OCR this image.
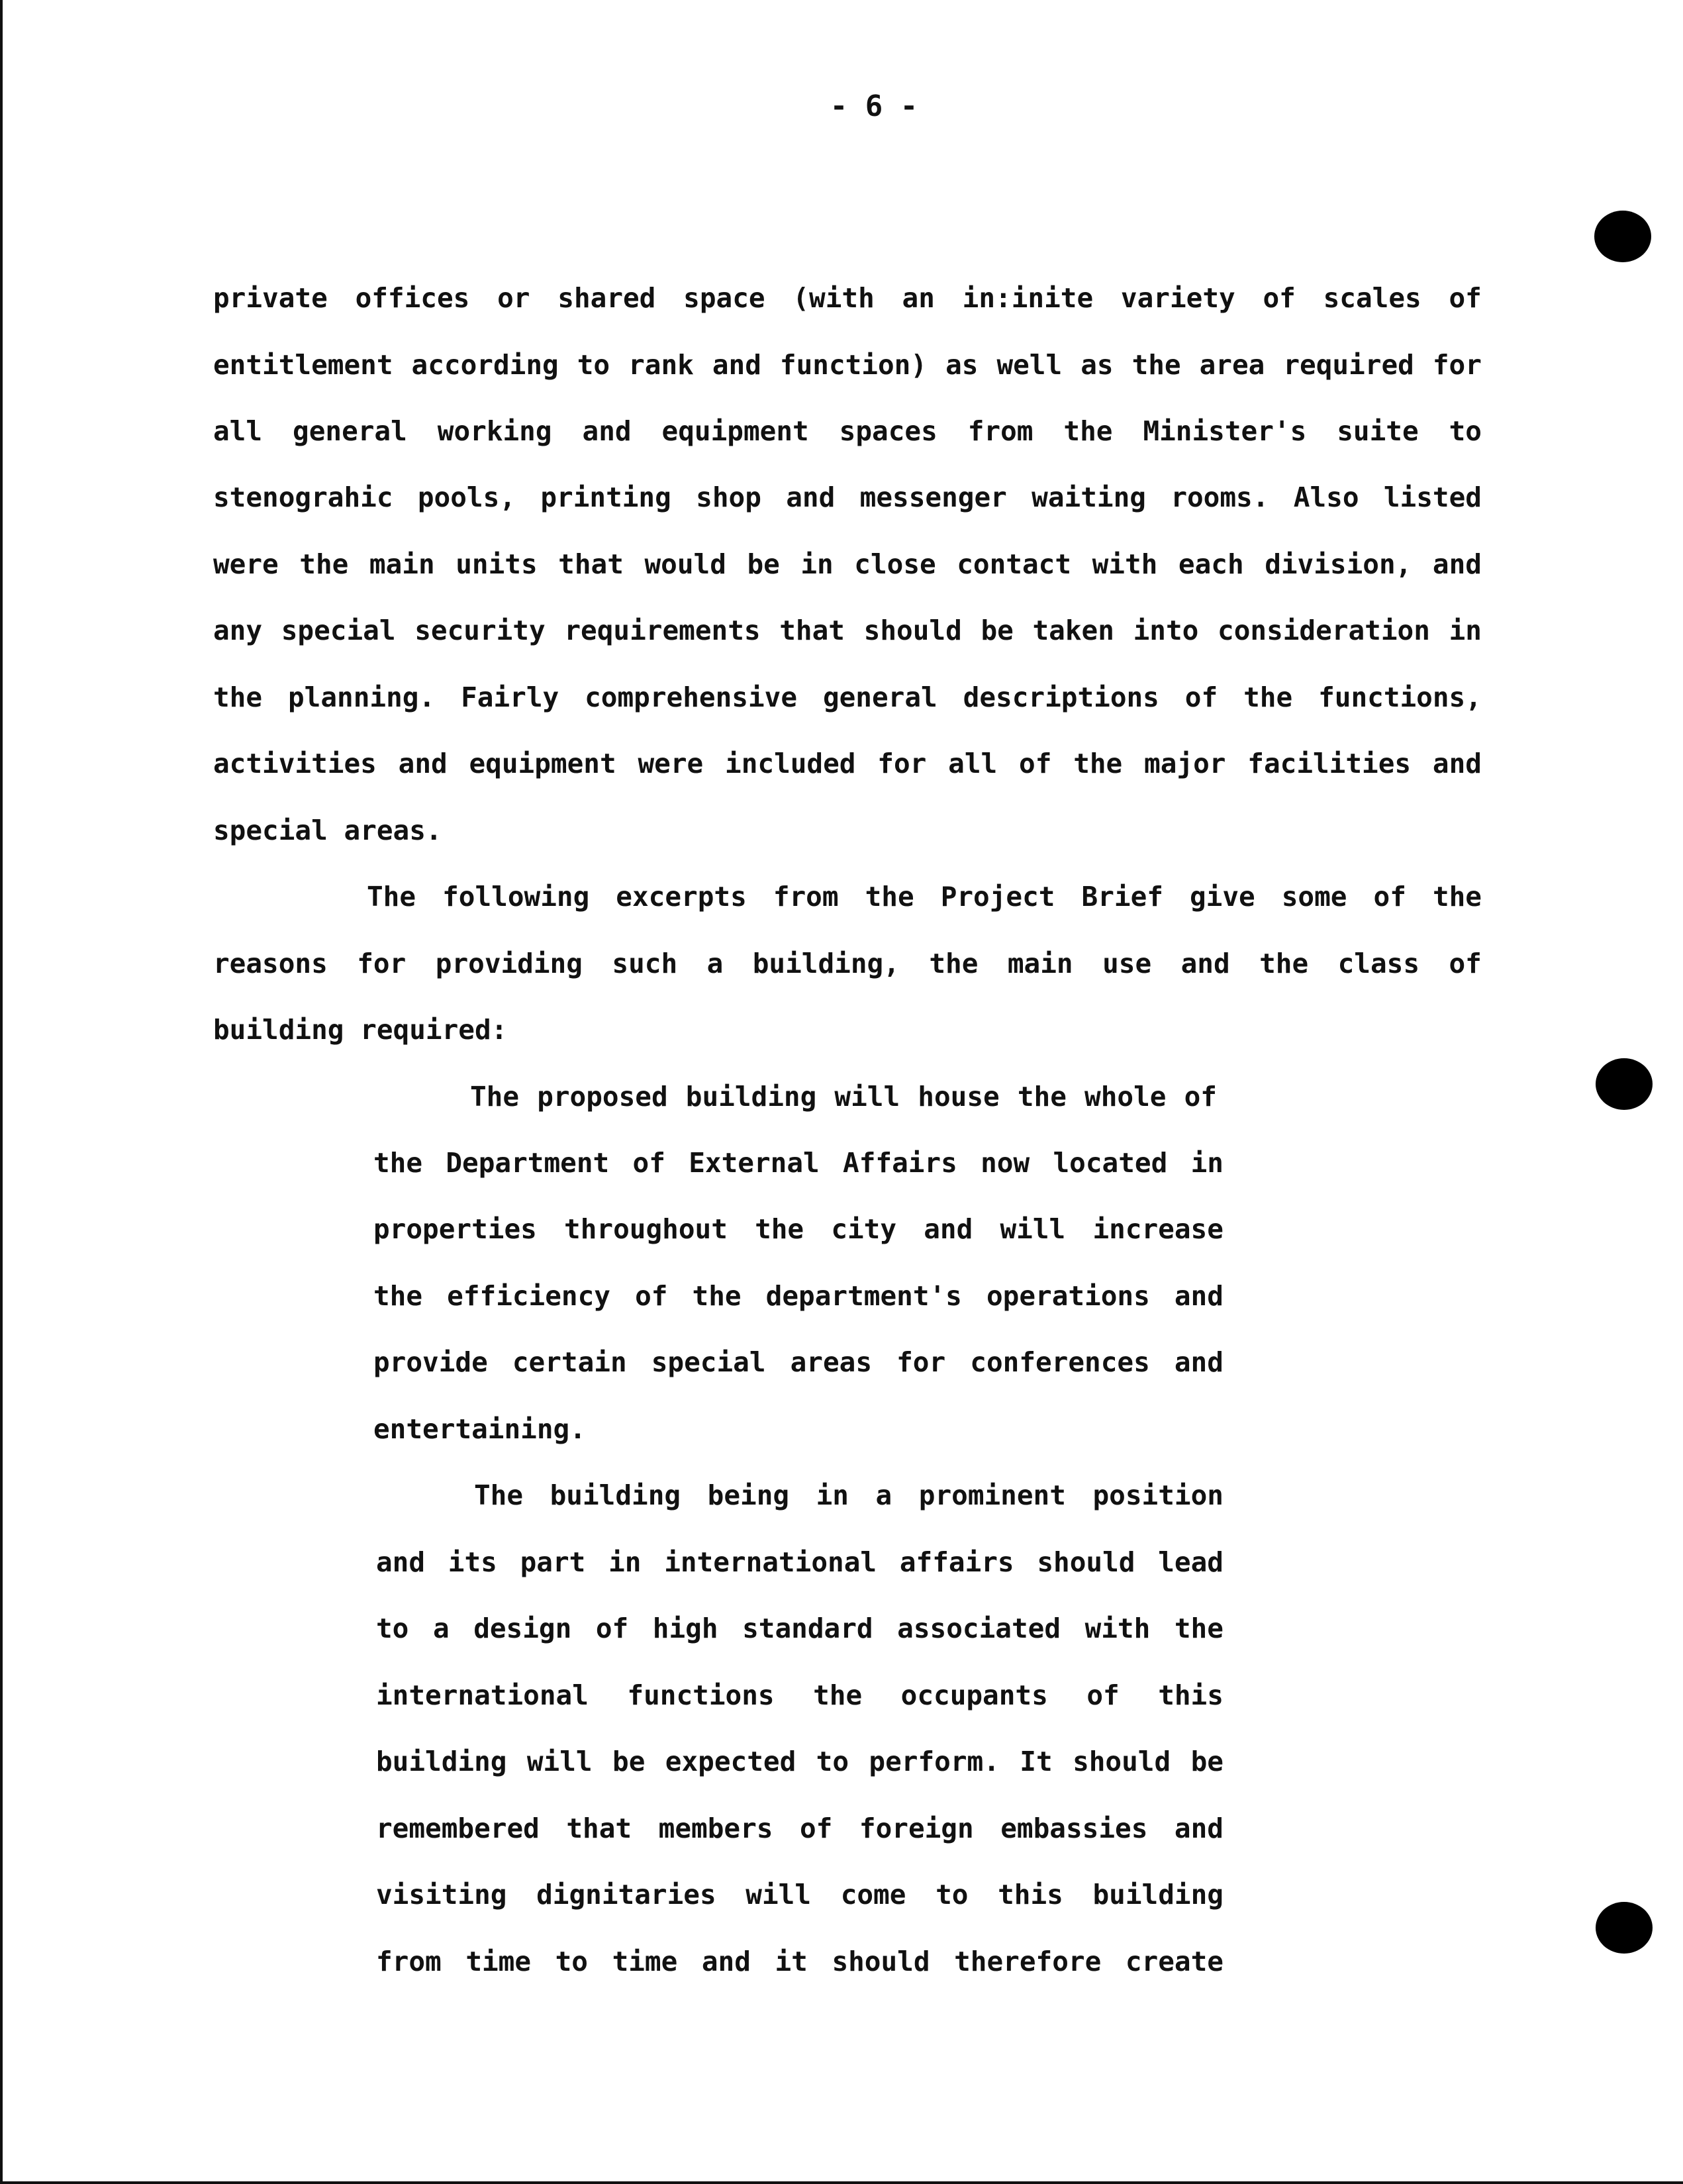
- 6 -
private offices or shared space (with an in:inite variety of scales of
entitlement according to rank and function) as well as the area required for
all general working and equipment spaces from the Minister's suite to
stenograhic pools, printing shop and messenger waiting rooms. Also listed
were the main units that would be in close contact with each division, and
any special security requirements that should be taken into consideration in
the planning. Fairly comprehensive general descriptions of the functions,
activities and equipment were included for all of the major facilities and
special areas.
The following excerpts from the Project Brief give some of the
reasons for providing such a building, the main use and the class of
building required:
The proposed building will house the whole of
the Department of External Affairs now located in
properties throughout the city and will increase
the efficiency of the department's operations and
provide certain special areas for conferences and
entertaining.
The building being in a prominent position
and its part in international affairs should lead
to a design of high standard associated with the
international functions the occupants of this
building will be expected to perform. It should be
remembered that members of foreign embassies and
visiting dignitaries will come to this building
from time to time and it should therefore create
